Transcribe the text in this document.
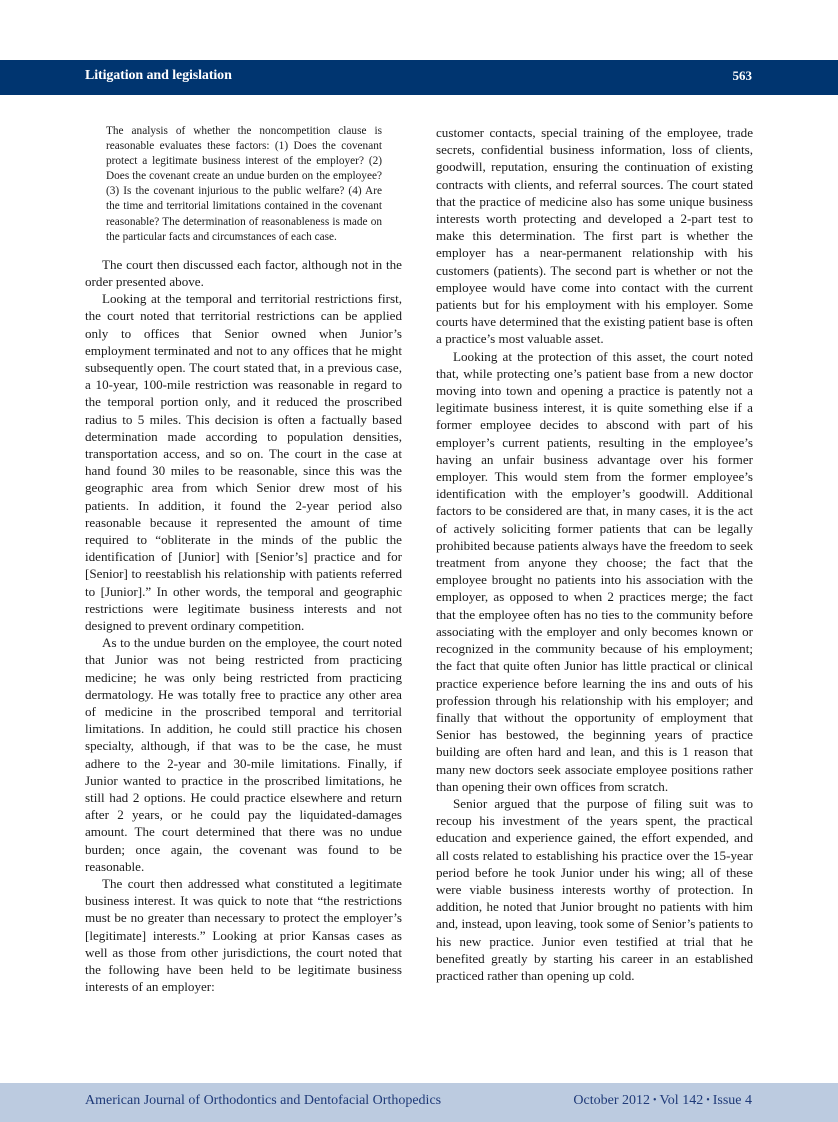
Litigation and legislation	563

The analysis of whether the noncompetition clause is reasonable evaluates these factors: (1) Does the covenant protect a legitimate business interest of the employer? (2) Does the covenant create an undue burden on the employee? (3) Is the covenant injurious to the public welfare? (4) Are the time and territorial limitations contained in the covenant reasonable? The determination of reasonableness is made on the particular facts and circumstances of each case.

The court then discussed each factor, although not in the order presented above.

Looking at the temporal and territorial restrictions first, the court noted that territorial restrictions can be applied only to offices that Senior owned when Junior’s employment terminated and not to any offices that he might subsequently open. The court stated that, in a previous case, a 10-year, 100-mile restriction was reasonable in regard to the temporal portion only, and it reduced the proscribed radius to 5 miles. This decision is often a factually based determination made according to population densities, transportation access, and so on. The court in the case at hand found 30 miles to be reasonable, since this was the geographic area from which Senior drew most of his patients. In addition, it found the 2-year period also reasonable because it represented the amount of time required to “obliterate in the minds of the public the identification of [Junior] with [Senior’s] practice and for [Senior] to reestablish his relationship with patients referred to [Junior].” In other words, the temporal and geographic restrictions were legitimate business interests and not designed to prevent ordinary competition.

As to the undue burden on the employee, the court noted that Junior was not being restricted from practicing medicine; he was only being restricted from practicing dermatology. He was totally free to practice any other area of medicine in the proscribed temporal and territorial limitations. In addition, he could still practice his chosen specialty, although, if that was to be the case, he must adhere to the 2-year and 30-mile limitations. Finally, if Junior wanted to practice in the proscribed limitations, he still had 2 options. He could practice elsewhere and return after 2 years, or he could pay the liquidated-damages amount. The court determined that there was no undue burden; once again, the covenant was found to be reasonable.

The court then addressed what constituted a legitimate business interest. It was quick to note that “the restrictions must be no greater than necessary to protect the employer’s [legitimate] interests.” Looking at prior Kansas cases as well as those from other jurisdictions, the court noted that the following have been held to be legitimate business interests of an employer:

customer contacts, special training of the employee, trade secrets, confidential business information, loss of clients, goodwill, reputation, ensuring the continuation of existing contracts with clients, and referral sources. The court stated that the practice of medicine also has some unique business interests worth protecting and developed a 2-part test to make this determination. The first part is whether the employer has a near-permanent relationship with his customers (patients). The second part is whether or not the employee would have come into contact with the current patients but for his employment with his employer. Some courts have determined that the existing patient base is often a practice’s most valuable asset.

Looking at the protection of this asset, the court noted that, while protecting one’s patient base from a new doctor moving into town and opening a practice is patently not a legitimate business interest, it is quite something else if a former employee decides to abscond with part of his employer’s current patients, resulting in the employee’s having an unfair business advantage over his former employer. This would stem from the former employee’s identification with the employer’s goodwill. Additional factors to be considered are that, in many cases, it is the act of actively soliciting former patients that can be legally prohibited because patients always have the freedom to seek treatment from anyone they choose; the fact that the employee brought no patients into his association with the employer, as opposed to when 2 practices merge; the fact that the employee often has no ties to the community before associating with the employer and only becomes known or recognized in the community because of his employment; the fact that quite often Junior has little practical or clinical practice experience before learning the ins and outs of his profession through his relationship with his employer; and finally that without the opportunity of employment that Senior has bestowed, the beginning years of practice building are often hard and lean, and this is 1 reason that many new doctors seek associate employee positions rather than opening their own offices from scratch.

Senior argued that the purpose of filing suit was to recoup his investment of the years spent, the practical education and experience gained, the effort expended, and all costs related to establishing his practice over the 15-year period before he took Junior under his wing; all of these were viable business interests worthy of protection. In addition, he noted that Junior brought no patients with him and, instead, upon leaving, took some of Senior’s patients to his new practice. Junior even testified at trial that he benefited greatly by starting his career in an established practiced rather than opening up cold.

American Journal of Orthodontics and Dentofacial Orthopedics	October 2012 • Vol 142 • Issue 4
